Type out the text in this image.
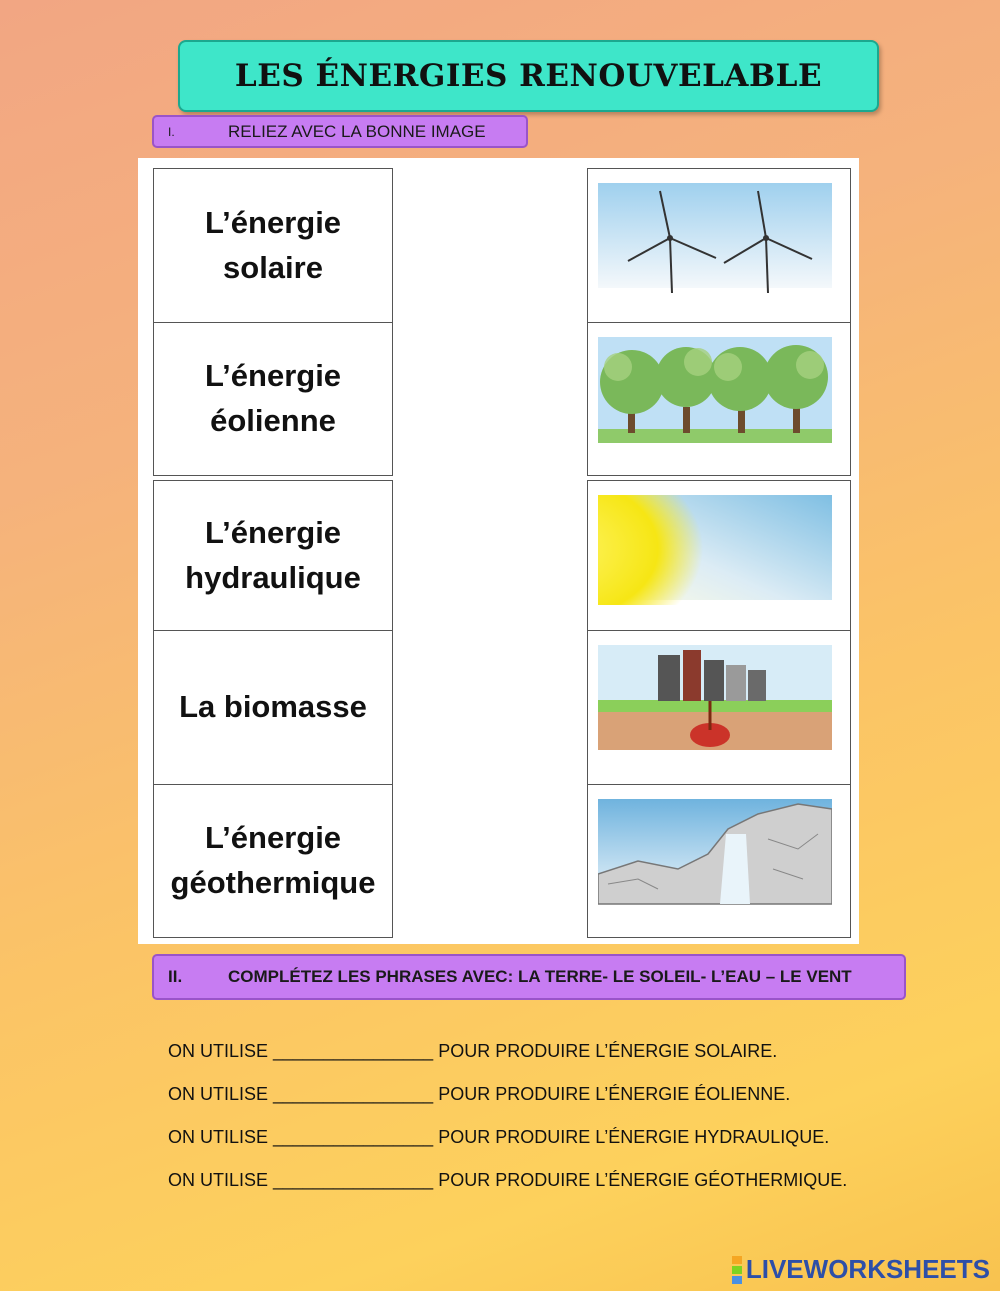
LES ÉNERGIES RENOUVELABLE
I.	RELIEZ AVEC LA BONNE IMAGE
L’énergie
solaire
L’énergie
éolienne
L’énergie
hydraulique
La biomasse
L’énergie
géothermique
II.	COMPLÉTEZ LES PHRASES AVEC: LA TERRE- LE SOLEIL- L’EAU – LE VENT
ON UTILISE ________________ POUR PRODUIRE L’ÉNERGIE SOLAIRE.
ON UTILISE ________________ POUR PRODUIRE L’ÉNERGIE ÉOLIENNE.
ON UTILISE ________________ POUR PRODUIRE L’ÉNERGIE HYDRAULIQUE.
ON UTILISE ________________ POUR PRODUIRE L’ÉNERGIE GÉOTHERMIQUE.
LIVEWORKSHEETS
